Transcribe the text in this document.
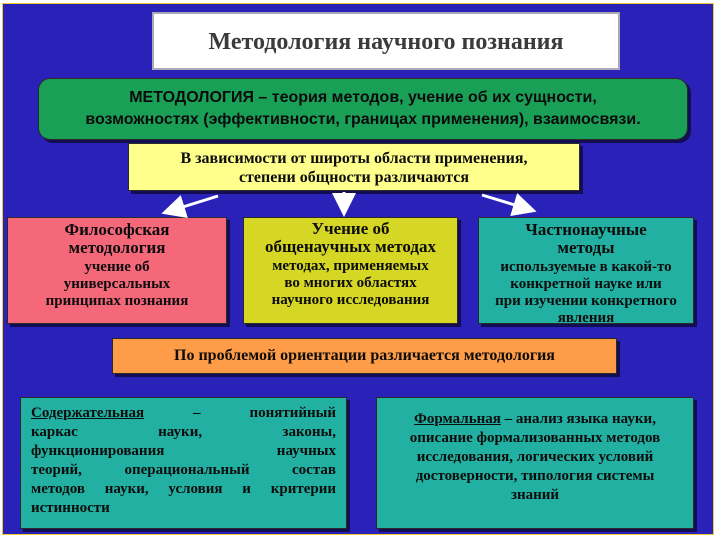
Методология научного познания
МЕТОДОЛОГИЯ – теория методов, учение об их сущности,
возможностях (эффективности, границах применения), взаимосвязи.
В зависимости от широты области применения,
степени общности различаются
Философская
методология
учение об
универсальных
принципах познания
Учение об
общенаучных методах
методах, применяемых
во многих областях
научного исследования
Частнонаучные
методы
используемые в какой-то
конкретной науке или
при изучении конкретного
явления
По проблемой ориентации различается методология
Содержательная – понятийный
каркас науки, законы,
функционирования научных
теорий, операциональный состав
методов науки, условия и критерии
истинности
Формальная – анализ языка науки,
описание формализованных методов
исследования, логических условий
достоверности, типология системы
знаний
